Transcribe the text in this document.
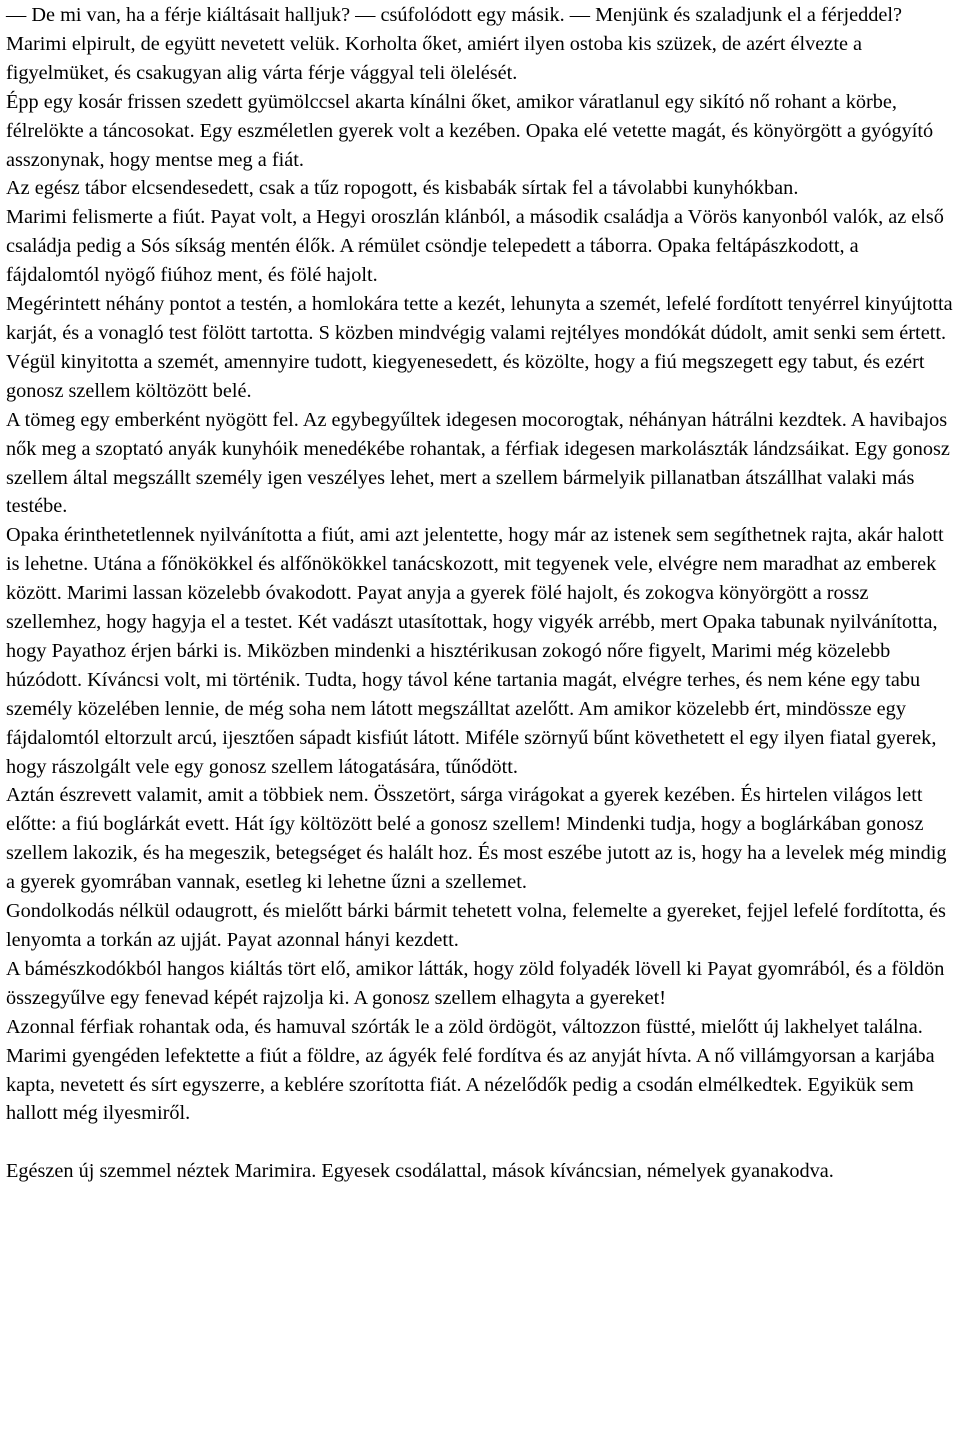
— De mi van, ha a férje kiáltásait halljuk? — csúfolódott egy másik. — Menjünk és szaladjunk el a férjeddel?

Marimi elpirult, de együtt nevetett velük. Korholta őket, amiért ilyen ostoba kis szüzek, de azért élvezte a figyelmüket, és csakugyan alig várta férje vággyal teli ölelését.

Épp egy kosár frissen szedett gyümölccsel akarta kínálni őket, amikor váratlanul egy sikító nő rohant a körbe, félrelökte a táncosokat. Egy eszméletlen gyerek volt a kezében. Opaka elé vetette magát, és könyörgött a gyógyító asszonynak, hogy mentse meg a fiát.

Az egész tábor elcsendesedett, csak a tűz ropogott, és kisbabák sírtak fel a távolabbi kunyhókban.

Marimi felismerte a fiút. Payat volt, a Hegyi oroszlán klánból, a második családja a Vörös kanyonból valók, az első családja pedig a Sós síkság mentén élők. A rémület csöndje telepedett a táborra. Opaka feltápászkodott, a fájdalomtól nyögő fiúhoz ment, és fölé hajolt.

Megérintett néhány pontot a testén, a homlokára tette a kezét, lehunyta a szemét, lefelé fordított tenyérrel kinyújtotta karját, és a vonagló test fölött tartotta. S közben mindvégig valami rejtélyes mondókát dúdolt, amit senki sem értett.

Végül kinyitotta a szemét, amennyire tudott, kiegyenesedett, és közölte, hogy a fiú megszegett egy tabut, és ezért gonosz szellem költözött belé.

A tömeg egy emberként nyögött fel. Az egybegyűltek idegesen mocorogtak, néhányan hátrálni kezdtek. A havibajos nők meg a szoptató anyák kunyhóik menedékébe rohantak, a férfiak idegesen markolászták lándzsáikat. Egy gonosz szellem által megszállt személy igen veszélyes lehet, mert a szellem bármelyik pillanatban átszállhat valaki más testébe.

Opaka érinthetetlennek nyilvánította a fiút, ami azt jelentette, hogy már az istenek sem segíthetnek rajta, akár halott is lehetne. Utána a főnökökkel és alfőnökökkel tanácskozott, mit tegyenek vele, elvégre nem maradhat az emberek között. Marimi lassan közelebb óvakodott. Payat anyja a gyerek fölé hajolt, és zokogva könyörgött a rossz szellemhez, hogy hagyja el a testet. Két vadászt utasítottak, hogy vigyék arrébb, mert Opaka tabunak nyilvánította, hogy Payathoz érjen bárki is. Miközben mindenki a hisztérikusan zokogó nőre figyelt, Marimi még közelebb húzódott. Kíváncsi volt, mi történik. Tudta, hogy távol kéne tartania magát, elvégre terhes, és nem kéne egy tabu személy közelében lennie, de még soha nem látott megszálltat azelőtt. Am amikor közelebb ért, mindössze egy fájdalomtól eltorzult arcú, ijesztően sápadt kisfiút látott. Miféle szörnyű bűnt követhetett el egy ilyen fiatal gyerek, hogy rászolgált vele egy gonosz szellem látogatására, tűnődött.

Aztán észrevett valamit, amit a többiek nem. Összetört, sárga virágokat a gyerek kezében. És hirtelen világos lett előtte: a fiú boglárkát evett. Hát így költözött belé a gonosz szellem! Mindenki tudja, hogy a boglárkában gonosz szellem lakozik, és ha megeszik, betegséget és halált hoz. És most eszébe jutott az is, hogy ha a levelek még mindig a gyerek gyomrában vannak, esetleg ki lehetne űzni a szellemet.

Gondolkodás nélkül odaugrott, és mielőtt bárki bármit tehetett volna, felemelte a gyereket, fejjel lefelé fordította, és lenyomta a torkán az ujját. Payat azonnal hányi kezdett.

A bámészkodókból hangos kiáltás tört elő, amikor látták, hogy zöld folyadék lövell ki Payat gyomrából, és a földön összegyűlve egy fenevad képét rajzolja ki. A gonosz szellem elhagyta a gyereket!

Azonnal férfiak rohantak oda, és hamuval szórták le a zöld ördögöt, változzon füstté, mielőtt új lakhelyet találna.

Marimi gyengéden lefektette a fiút a földre, az ágyék felé fordítva és az anyját hívta. A nő villámgyorsan a karjába kapta, nevetett és sírt egyszerre, a keblére szorította fiát. A nézelődők pedig a csodán elmélkedtek. Egyikük sem hallott még ilyesmiről.

Egészen új szemmel néztek Marimira. Egyesek csodálattal, mások kíváncsian, némelyek gyanakodva.
